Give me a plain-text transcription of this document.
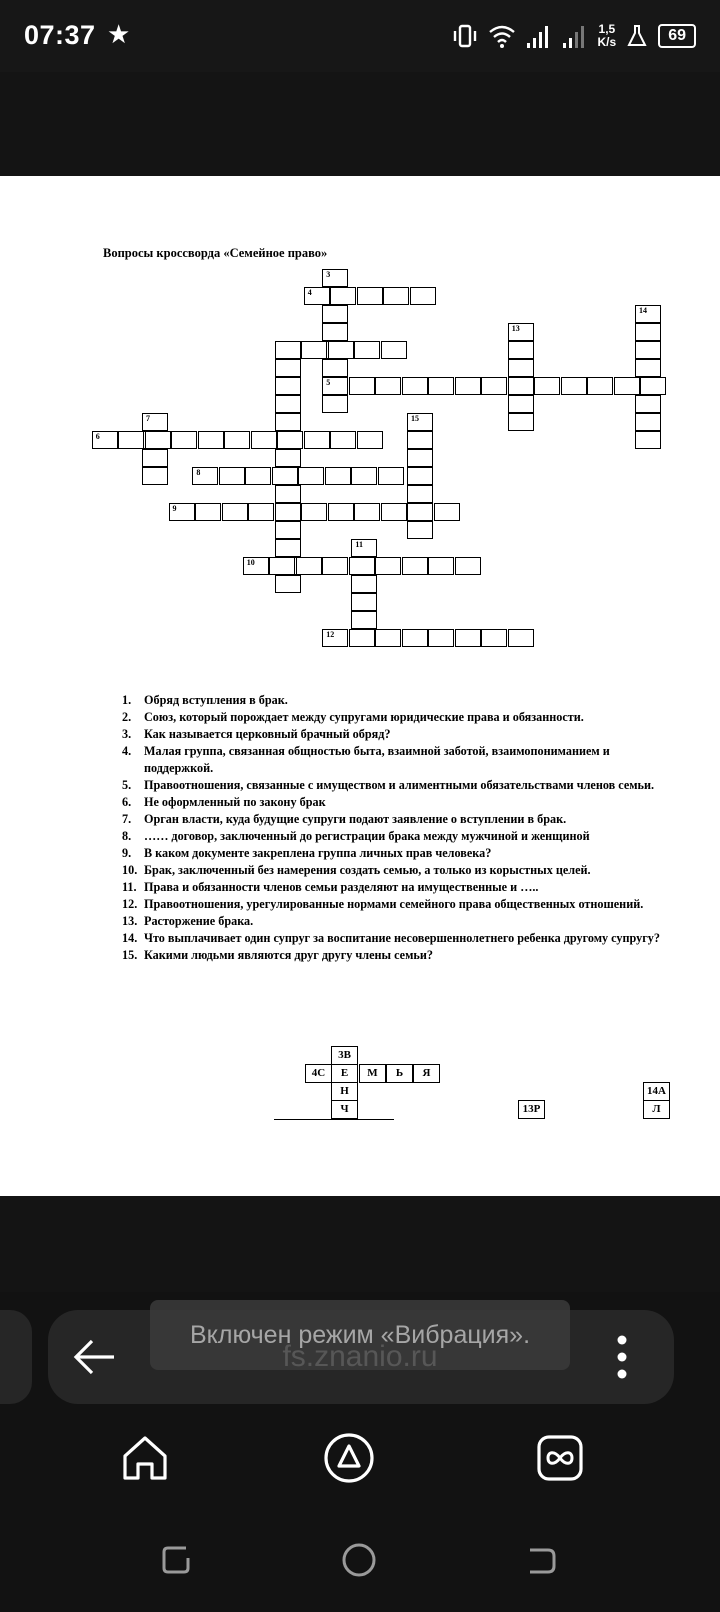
07:37 ★	1,5
K/s	69
Вопросы кроссворда «Семейное право»
3
4
14
13
5
7	15
6
8
9
11
10
12
1. Обряд вступления в брак.
2. Союз, который порождает между супругами юридические права и обязанности.
3. Как называется церковный брачный обряд?
4. Малая группа, связанная общностью быта, взаимной заботой, взаимопониманием и поддержкой.
5. Правоотношения, связанные с имуществом и алиментными обязательствами членов семьи.
6. Не оформленный по закону брак
7. Орган власти, куда будущие супруги подают заявление о вступлении в брак.
8. …… договор, заключенный до регистрации брака между мужчиной и женщиной
9. В каком документе закреплена группа личных прав человека?
10. Брак, заключенный без намерения создать семью, а только из корыстных целей.
11. Права и обязанности членов семьи разделяют на имущественные и …..
12. Правоотношения, урегулированные нормами семейного права общественных отношений.
13. Расторжение брака.
14. Что выплачивает один супруг за воспитание несовершеннолетнего ребенка другому супругу?
15. Какими людьми являются друг другу члены семьи?
3В
Е
Н
Ч
4С	М	Ь	Я
13Р
14А
Л
Включен режим «Вибрация».
